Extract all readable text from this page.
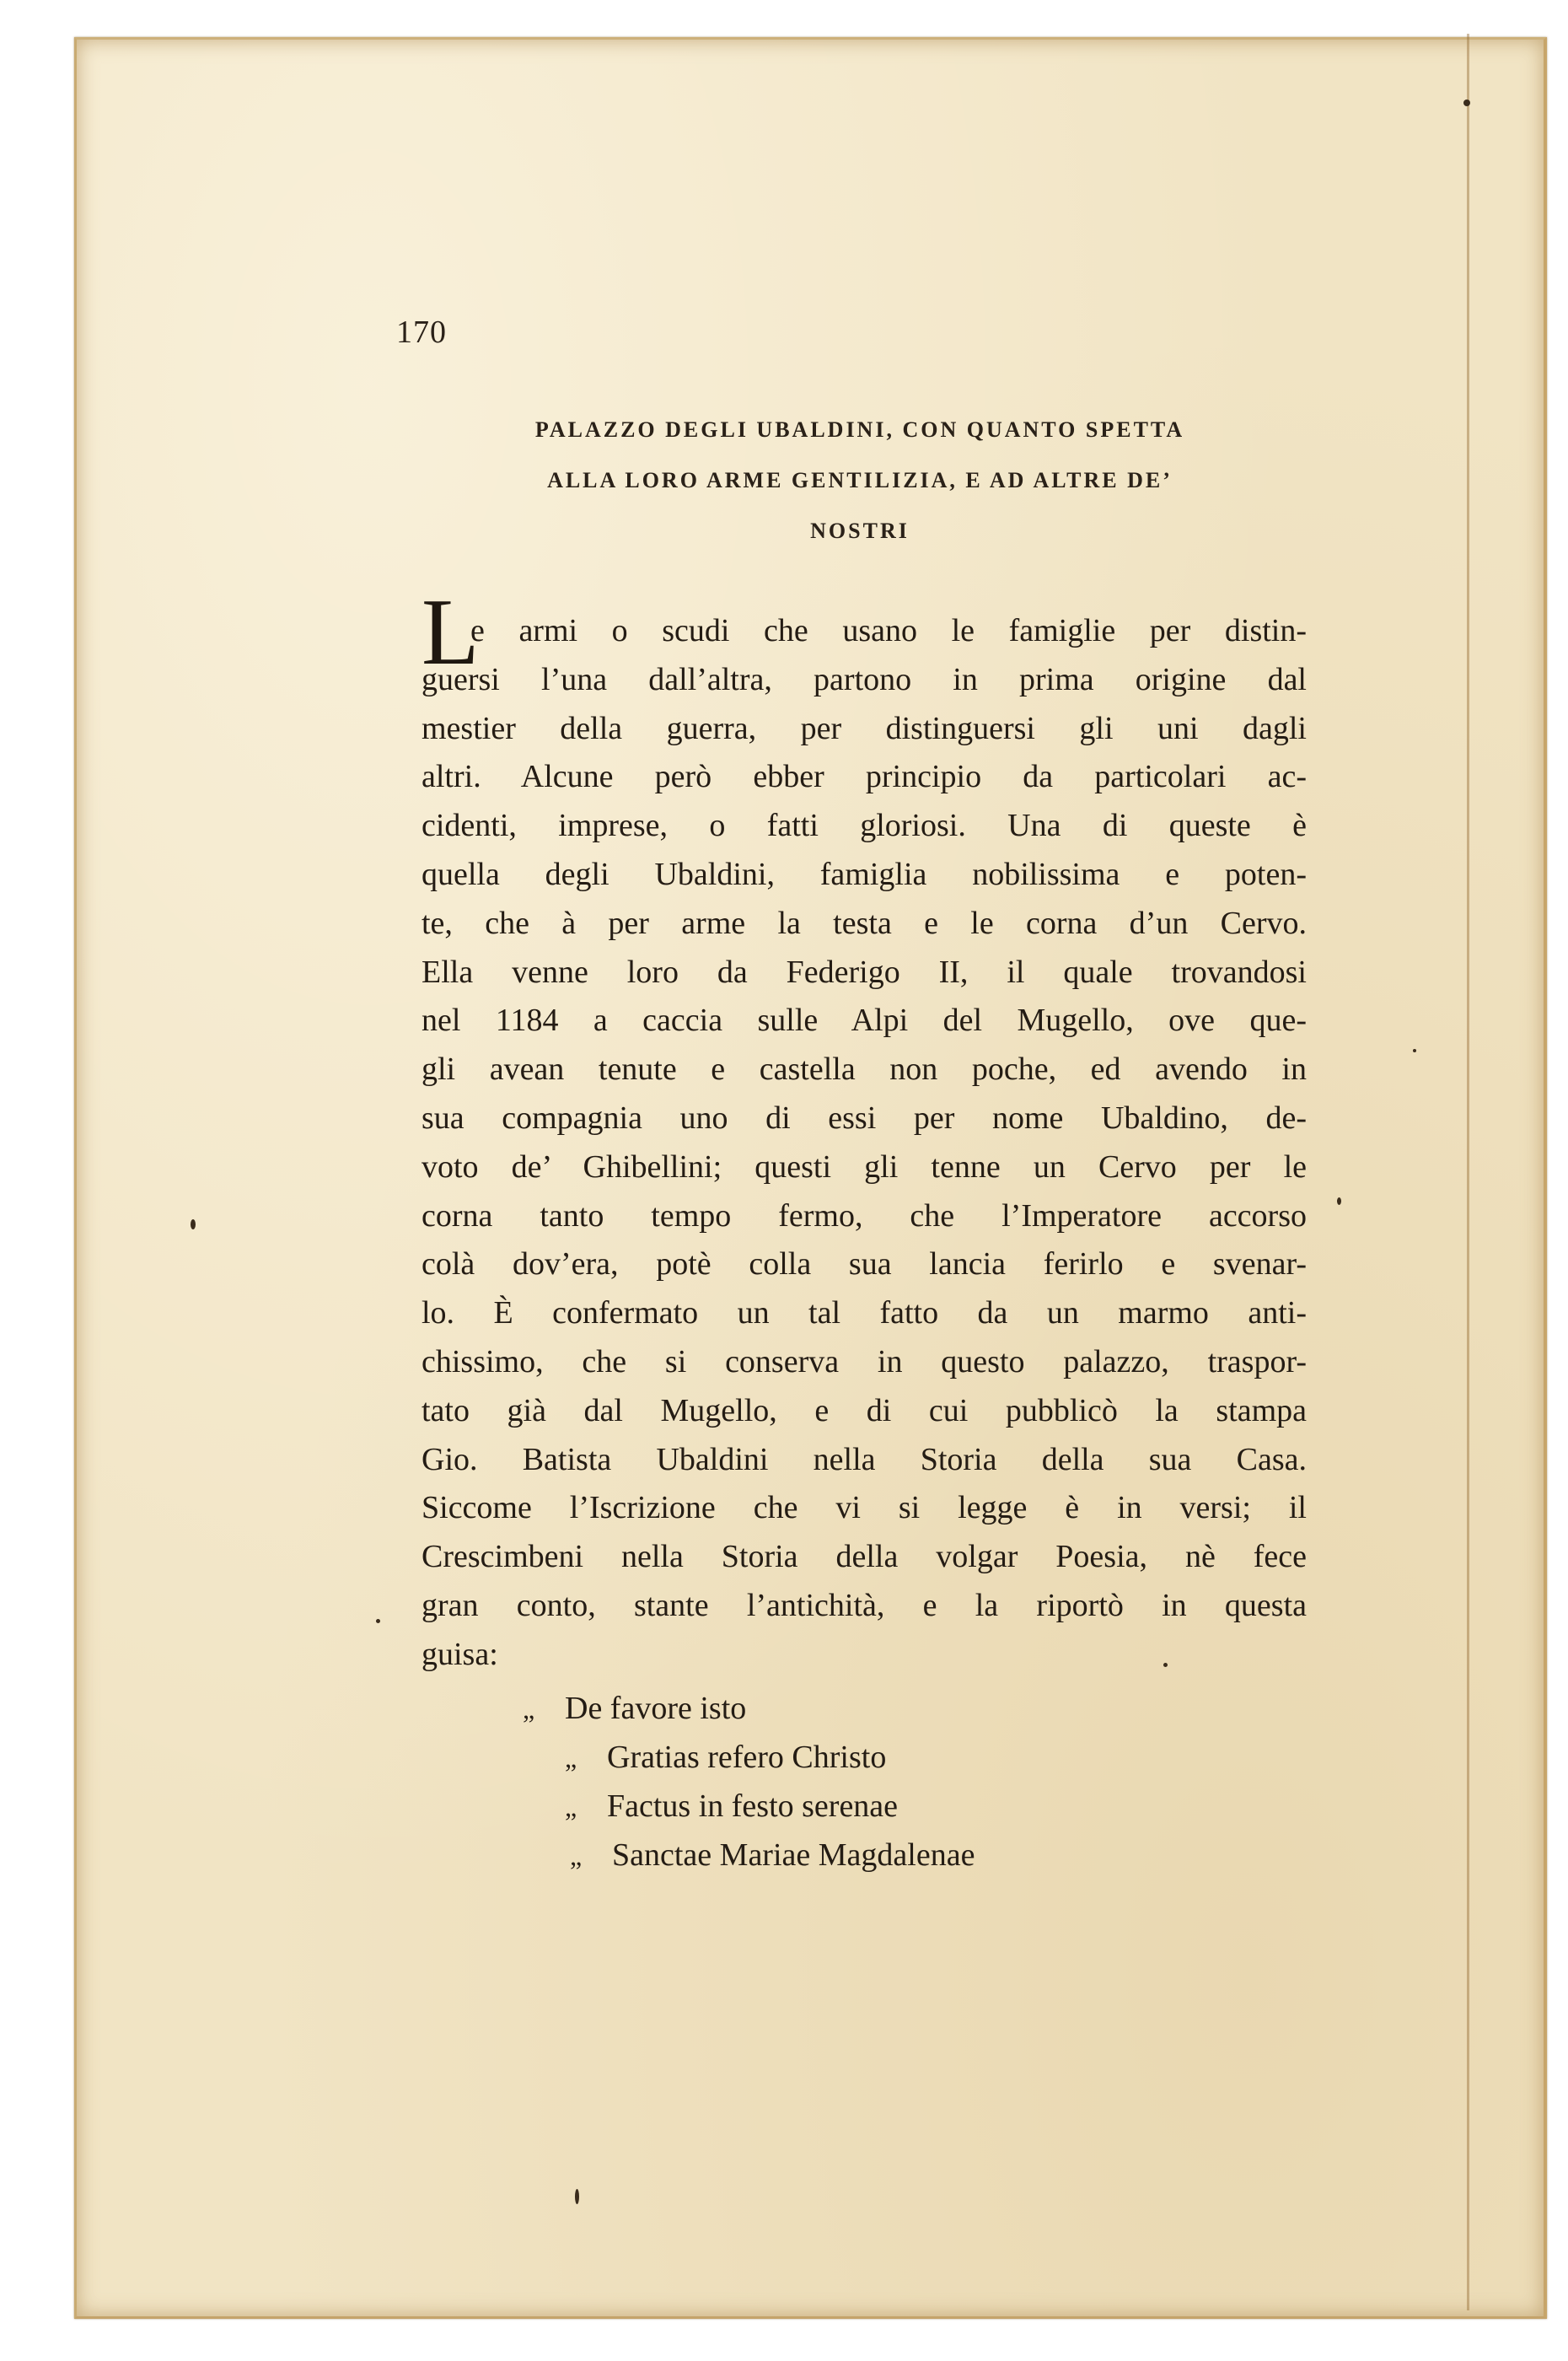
170
PALAZZO DEGLI UBALDINI, CON QUANTO SPETTA
ALLA LORO ARME GENTILIZIA, E AD ALTRE DE’
NOSTRI
L
e armi o scudi che usano le famiglie per distin-
guersi l’una dall’altra, partono in prima origine dal
mestier della guerra, per distinguersi gli uni dagli
altri. Alcune però ebber principio da particolari ac-
cidenti, imprese, o fatti gloriosi. Una di queste è
quella degli Ubaldini, famiglia nobilissima e poten-
te, che à per arme la testa e le corna d’un Cervo.
Ella venne loro da Federigo II, il quale trovandosi
nel 1184 a caccia sulle Alpi del Mugello, ove que-
gli avean tenute e castella non poche, ed avendo in
sua compagnia uno di essi per nome Ubaldino, de-
voto de’ Ghibellini; questi gli tenne un Cervo per le
corna tanto tempo fermo, che l’Imperatore accorso
colà dov’era, potè colla sua lancia ferirlo e svenar-
lo. È confermato un tal fatto da un marmo anti-
chissimo, che si conserva in questo palazzo, traspor-
tato già dal Mugello, e di cui pubblicò la stampa
Gio. Batista Ubaldini nella Storia della sua Casa.
Siccome l’Iscrizione che vi si legge è in versi; il
Crescimbeni nella Storia della volgar Poesia, nè fece
gran conto, stante l’antichità, e la riportò in questa
guisa:
„ De favore isto
„ Gratias refero Christo
„ Factus in festo serenae
„ Sanctae Mariae Magdalenae
